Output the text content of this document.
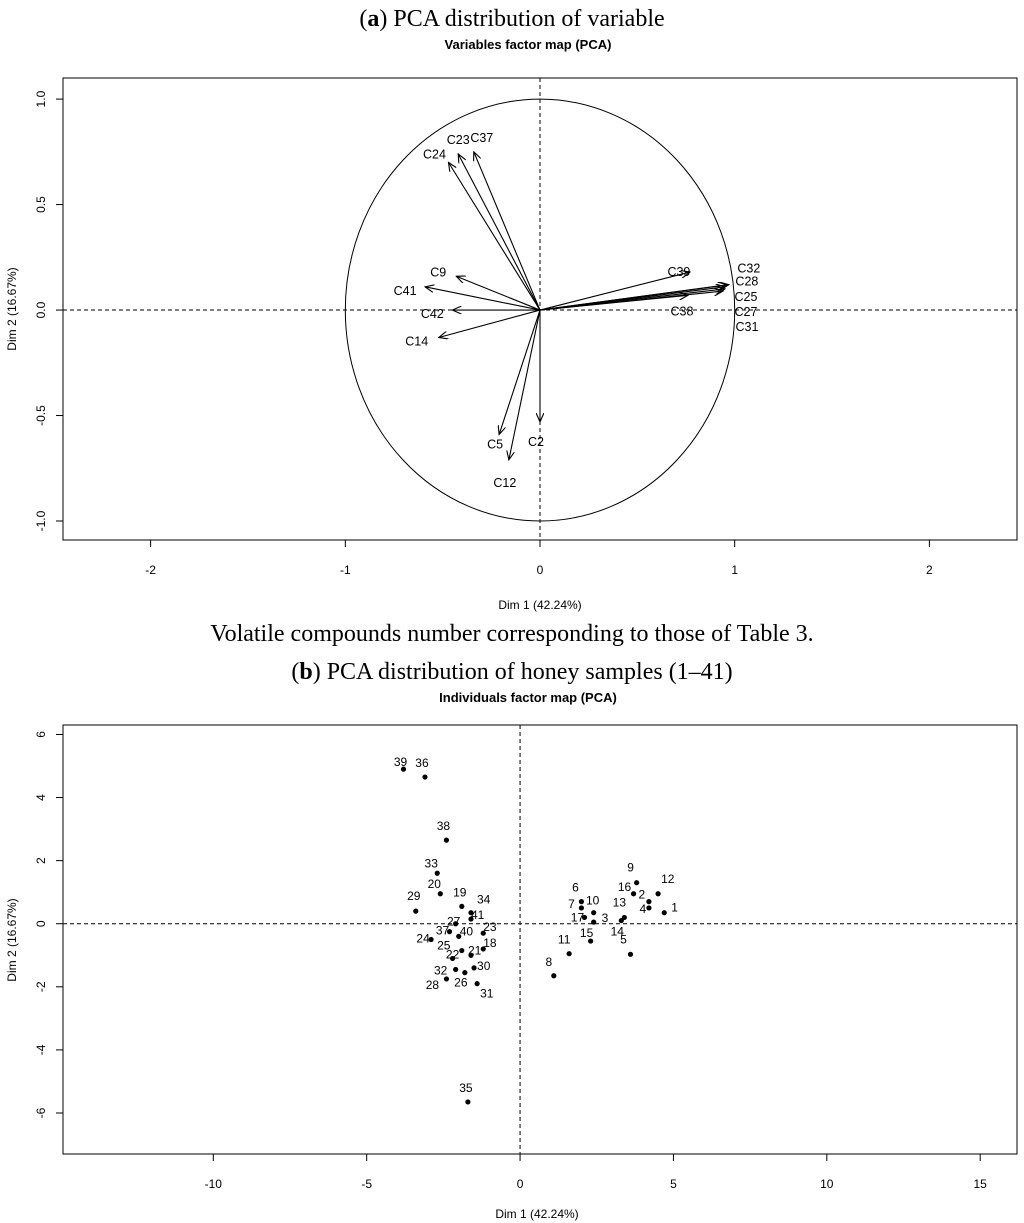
(a) PCA distribution of variable
Variables factor map (PCA)
-2	-1	0	1	2
-1.0
-0.5
0.0
0.5
1.0
C23 C37
C24
C9
C41
C42
C14
C5
C12
C2
C39	C32
C28
C25
C27
C31
C38
Dim 1 (42.24%)
Dim 2 (16.67%)
Volatile compounds number corresponding to those of Table 3.
(b) PCA distribution of honey samples (1–41)
Individuals factor map (PCA)
-10	-5	0	5	10	15
-6
-4
-2
0
2
4
6
1
2
3
4
5
6
7
8
9
10
11
12
13
14
15
16
17
18
19
20
21
22
23
24
25
26
27
28
29
30
31
32
33
34
35
36
37
38
39
40
41
Dim 1 (42.24%)
Dim 2 (16.67%)
